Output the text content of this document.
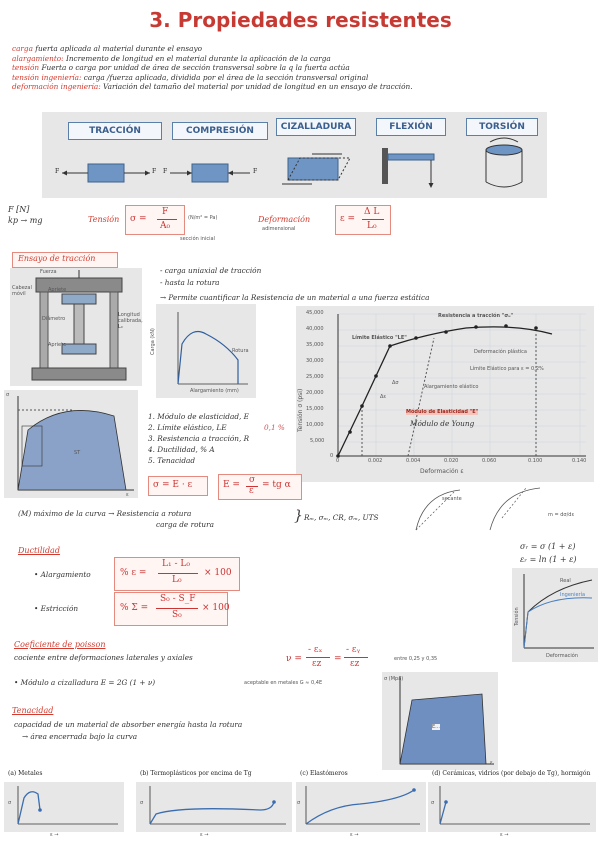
3. Propiedades resistentes
carga fuerta aplicada al material durante el ensayo
alargamiento: Incremento de longitud en el material durante la aplicación de la carga
tensión Fuerta o carga por unidad de área de sección transversal sobre la q la fuerta actúa
tensión ingeniería: carga /fuerza aplicada, dividida por el área de la sección transversal original
deformación ingeniería: Variación del tamaño del material por unidad de longitud en un ensayo de tracción.
TRACCIÓN	COMPRESIÓN	CIZALLADURA	FLEXIÓN	TORSIÓN
F	F F	F
F [N]
kp → mg	Tensión σ =
F
A₀
(N/m² = Pa)
sección inicial
Deformación
adimensional
ε =
Δ L
L₀
Ensayo de tracción
Fuerza
Cabezal móvil
Apriete
Diámetro
Longitud calibrada, L₀
Apriete
- carga uniaxial de tracción
- hasta la rotura
→ Permite cuantificar la Resistencia de un material a una fuerza estática
Carga (kN)
Alargamiento (mm)
Rotura
Tensión σ (psi)
45,000
40,000
35,000
30,000
25,000
20,000
15,000
10,000
5,000
0
0	0.002	0.004	0.020	0.060	0.100	0.140
Deformación ε
Resistencia a tracción "σᵤ"
Límite Elástico "LE"
Deformación plástica
Límite Elástico para ε = 0,2%
Alargamiento elástico
Δσ
Δε
Módulo de Elasticidad "E"
Módulo de Young
σ
ε
ST
1. Módulo de elasticidad, E
2. Límite elástico, LE	0,1 %
3. Resistencia a tracción, R
4. Ductilidad, % A
5. Tenacidad
σ = E · ε	E = σ
ε
= tg α
(M) máximo de la curva → Resistencia a rotura
carga de rotura
} Rₘ, σₘ, CR, σₘ, UTS
secante
m = dσ/dε
Ductilidad
• Alargamiento	% ε =
L₁ - L₀
L₀
× 100
• Estricción	% Σ =
S₀ - S_F
S₀
× 100
σᵣ = σ (1 + ε)
εᵣ = ln (1 + ε)
Real
Ingeniería
Tensión
Deformación
Coeficiente de poisson
cociente entre deformaciones laterales y axiales	ν =
- εₓ
εz =
- εᵧ
εz	entre 0,25 y 0,35
• Módulo a cizalladura E = 2G (1 + ν)	aceptable en metales G ≈ 0,4E
σ (Mpa)
E...
ε
Tenacidad
capacidad de un material de absorber energía hasta la rotura
→ área encerrada bajo la curva
(a) Metales	(b) Termoplásticos por encima de Tg	(c) Elastómeros	(d) Cerámicas, vidrios (por debajo de Tg), hormigón
σ
ε →
σ
ε →
σ
ε →
σ
ε →
